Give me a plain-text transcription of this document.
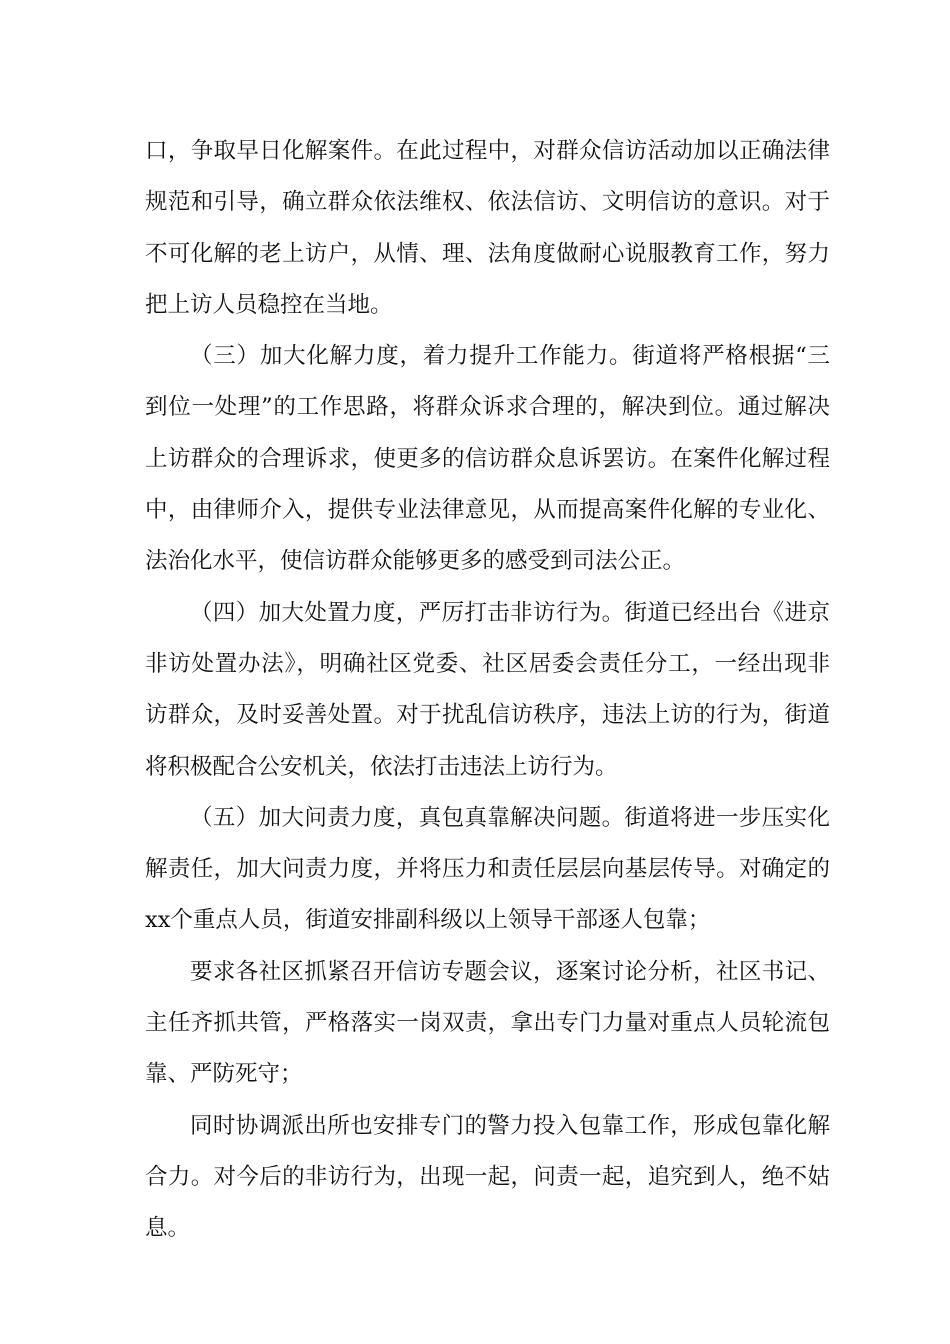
口，争取早日化解案件。在此过程中，对群众信访活动加以正确法律规范和引导，确立群众依法维权、依法信访、文明信访的意识。对于不可化解的老上访户，从情、理、法角度做耐心说服教育工作，努力把上访人员稳控在当地。

（三）加大化解力度，着力提升工作能力。街道将严格根据“三到位一处理”的工作思路，将群众诉求合理的，解决到位。通过解决上访群众的合理诉求，使更多的信访群众息诉罢访。在案件化解过程中，由律师介入，提供专业法律意见，从而提高案件化解的专业化、法治化水平，使信访群众能够更多的感受到司法公正。

（四）加大处置力度，严厉打击非访行为。街道已经出台《进京非访处置办法》，明确社区党委、社区居委会责任分工，一经出现非访群众，及时妥善处置。对于扰乱信访秩序，违法上访的行为，街道将积极配合公安机关，依法打击违法上访行为。

（五）加大问责力度，真包真靠解决问题。街道将进一步压实化解责任，加大问责力度，并将压力和责任层层向基层传导。对确定的xx个重点人员，街道安排副科级以上领导干部逐人包靠；

要求各社区抓紧召开信访专题会议，逐案讨论分析，社区书记、主任齐抓共管，严格落实一岗双责，拿出专门力量对重点人员轮流包靠、严防死守；

同时协调派出所也安排专门的警力投入包靠工作，形成包靠化解合力。对今后的非访行为，出现一起，问责一起，追究到人，绝不姑息。
